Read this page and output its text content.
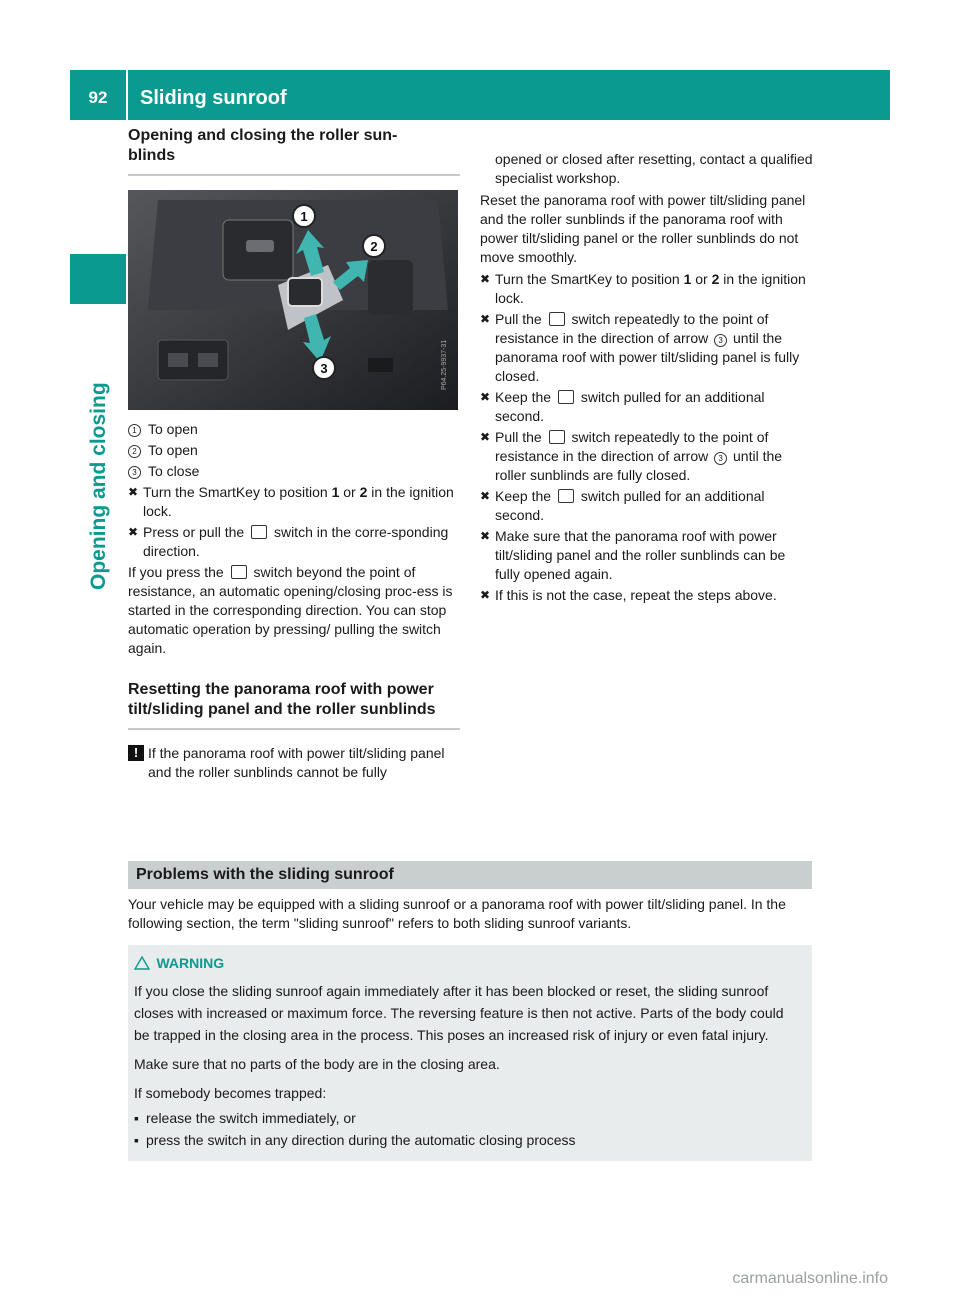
92	Sliding sunroof
Opening and closing
Opening and closing the roller sun-
blinds
1
2
3	P64.25-9937-31
1 To open
2 To open
3 To close
✖ Turn the SmartKey to position 1 or 2 in the ignition lock.
✖ Press or pull the  switch in the corre-sponding direction.

If you press the  switch beyond the point of resistance, an automatic opening/closing proc-ess is started in the corresponding direction. You can stop automatic operation by pressing/ pulling the switch again.

Resetting the panorama roof with power tilt/sliding panel and the roller sunblinds
! If the panorama roof with power tilt/sliding panel and the roller sunblinds cannot be fully

opened or closed after resetting, contact a qualified specialist workshop.

Reset the panorama roof with power tilt/sliding panel and the roller sunblinds if the panorama roof with power tilt/sliding panel or the roller sunblinds do not move smoothly.

✖ Turn the SmartKey to position 1 or 2 in the ignition lock.
✖ Pull the  switch repeatedly to the point of resistance in the direction of arrow 3 until the panorama roof with power tilt/sliding panel is fully closed.
✖ Keep the  switch pulled for an additional second.
✖ Pull the  switch repeatedly to the point of resistance in the direction of arrow 3 until the roller sunblinds are fully closed.
✖ Keep the  switch pulled for an additional second.
✖ Make sure that the panorama roof with power tilt/sliding panel and the roller sunblinds can be fully opened again.
✖ If this is not the case, repeat the steps above.
Problems with the sliding sunroof

Your vehicle may be equipped with a sliding sunroof or a panorama roof with power tilt/sliding panel. In the following section, the term "sliding sunroof" refers to both sliding sunroof variants.

WARNING

If you close the sliding sunroof again immediately after it has been blocked or reset, the sliding sunroof closes with increased or maximum force. The reversing feature is then not active. Parts of the body could be trapped in the closing area in the process. This poses an increased risk of injury or even fatal injury.

Make sure that no parts of the body are in the closing area.

If somebody becomes trapped:

▪ release the switch immediately, or
▪ press the switch in any direction during the automatic closing process
carmanualsonline.info
